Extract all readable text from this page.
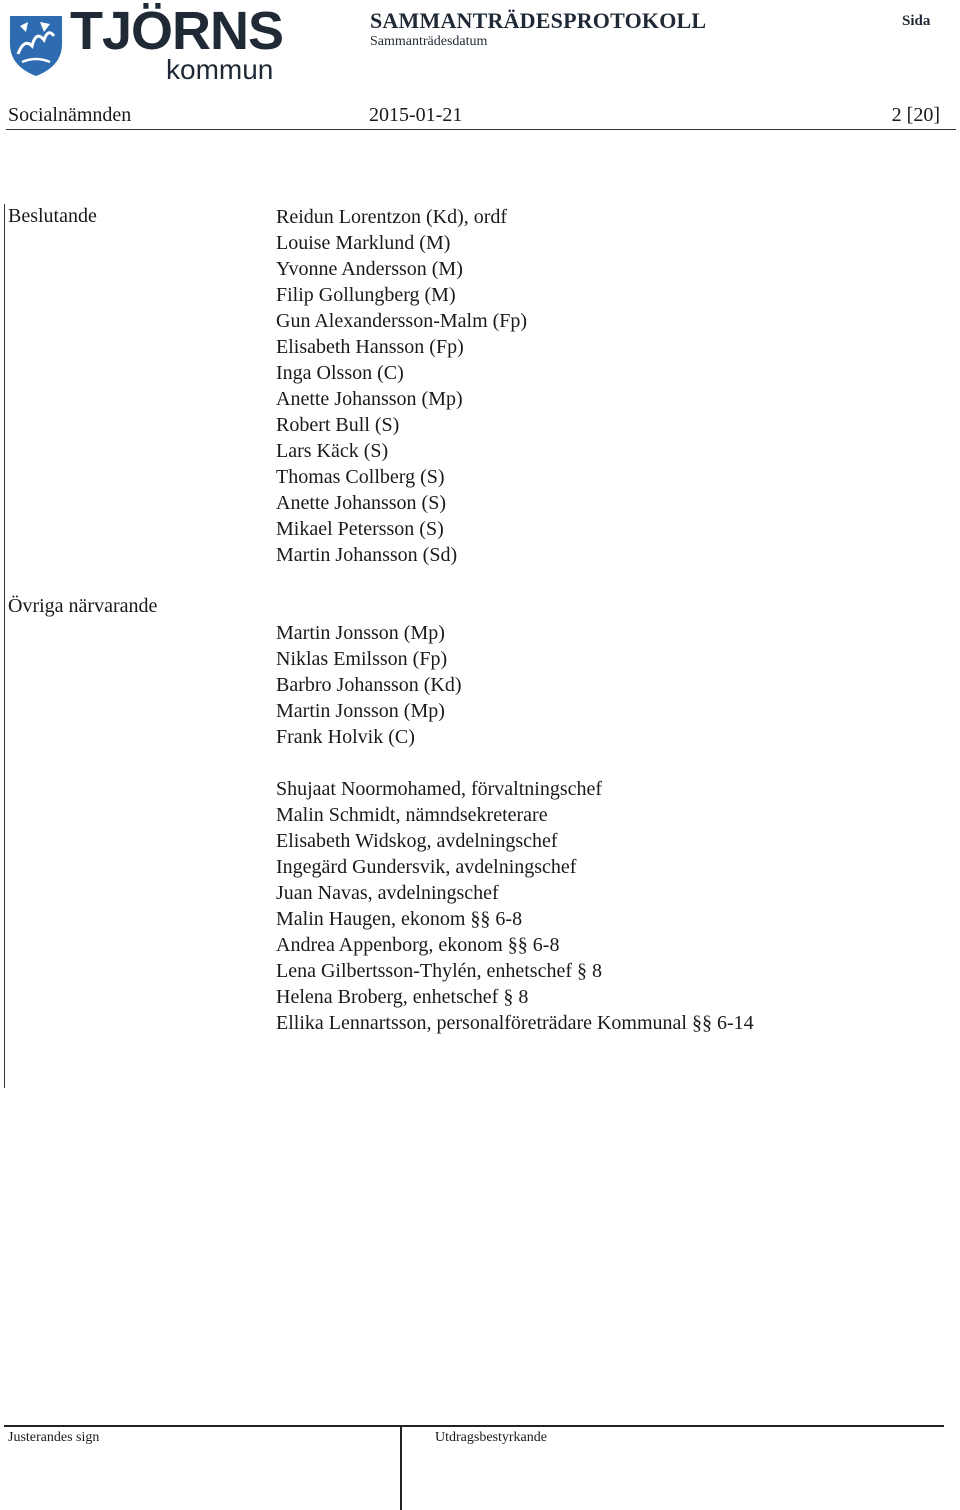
TJÖRNS
kommun
SAMMANTRÄDESPROTOKOLL
Sammanträdesdatum
Sida
Socialnämnden	2015-01-21	2 [20]
Beslutande	Reidun Lorentzon (Kd), ordf
Louise Marklund (M)
Yvonne Andersson (M)
Filip Gollungberg (M)
Gun Alexandersson-Malm (Fp)
Elisabeth Hansson (Fp)
Inga Olsson (C)
Anette Johansson (Mp)
Robert Bull (S)
Lars Käck (S)
Thomas Collberg (S)
Anette Johansson (S)
Mikael Petersson (S)
Martin Johansson (Sd)
Övriga närvarande
Martin Jonsson (Mp)
Niklas Emilsson (Fp)
Barbro Johansson (Kd)
Martin Jonsson (Mp)
Frank Holvik (C)
Shujaat Noormohamed, förvaltningschef
Malin Schmidt, nämndsekreterare
Elisabeth Widskog, avdelningschef
Ingegärd Gundersvik, avdelningschef
Juan Navas, avdelningschef
Malin Haugen, ekonom §§ 6-8
Andrea Appenborg, ekonom §§ 6-8
Lena Gilbertsson-Thylén, enhetschef § 8
Helena Broberg, enhetschef § 8
Ellika Lennartsson, personalföreträdare Kommunal §§ 6-14
Justerandes sign	Utdragsbestyrkande
